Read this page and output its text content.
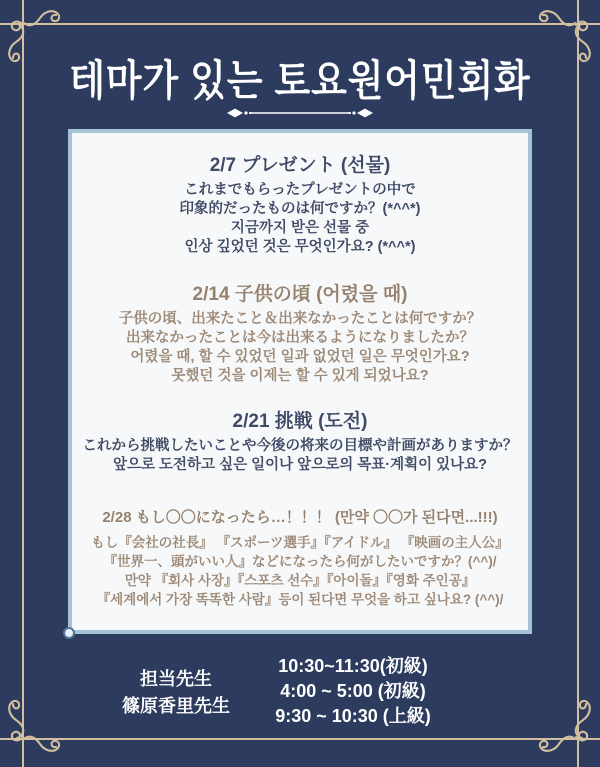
테마가 있는 토요원어민회화
2/7 プレゼント (선물)
これまでもらったプレゼントの中で
印象的だったものは何ですか？(*^^*)
지금까지 받은 선물 중
인상 깊었던 것은 무엇인가요? (*^^*)
2/14 子供の頃 (어렸을 때)
子供の頃、出来たこと＆出来なかったことは何ですか？
出来なかったことは今は出来るようになりましたか？
어렸을 때, 할 수 있었던 일과 없었던 일은 무엇인가요?
못했던 것을 이제는 할 수 있게 되었나요?
2/21 挑戦 (도전)
これから挑戦したいことや今後の将来の目標や計画がありますか？
앞으로 도전하고 싶은 일이나 앞으로의 목표·계획이 있나요?
2/28 もし〇〇になったら…！！！ (만약 〇〇가 된다면...!!!)
もし『会社の社長』 『スポーツ選手』『アイドル』 『映画の主人公』
『世界一、頭がいい人』などになったら何がしたいですか？(^^)/
만약 『회사 사장』『스포츠 선수』『아이돌』『영화 주인공』
『세계에서 가장 똑똑한 사람』등이 된다면 무엇을 하고 싶나요? (^^)/
担当先生
篠原香里先生
10:30~11:30(初級)
4:00 ~ 5:00 (初級)
9:30 ~ 10:30 (上級)
